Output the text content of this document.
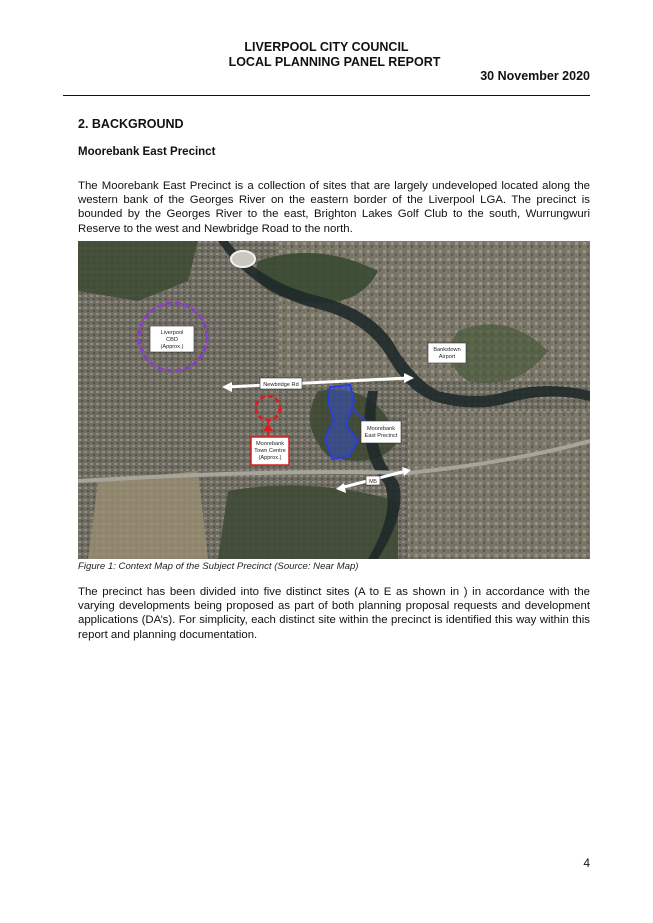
LIVERPOOL CITY COUNCIL
LOCAL PLANNING PANEL REPORT
30 November 2020
2. BACKGROUND
Moorebank East Precinct
The Moorebank East Precinct is a collection of sites that are largely undeveloped located along the western bank of the Georges River on the eastern border of the Liverpool LGA. The precinct is bounded by the Georges River to the east, Brighton Lakes Golf Club to the south, Wurrungwuri Reserve to the west and Newbridge Road to the north.
Liverpool
CBD
(Approx.)	Bankstown
Airport
Newbridge Rd
Moorebank
East Precinct
Moorebank
Town Centre
(Approx.)
M5
Figure 1: Context Map of the Subject Precinct (Source: Near Map)
The precinct has been divided into five distinct sites (A to E as shown in ) in accordance with the varying developments being proposed as part of both planning proposal requests and development applications (DA’s). For simplicity, each distinct site within the precinct is identified this way within this report and planning documentation.
4
